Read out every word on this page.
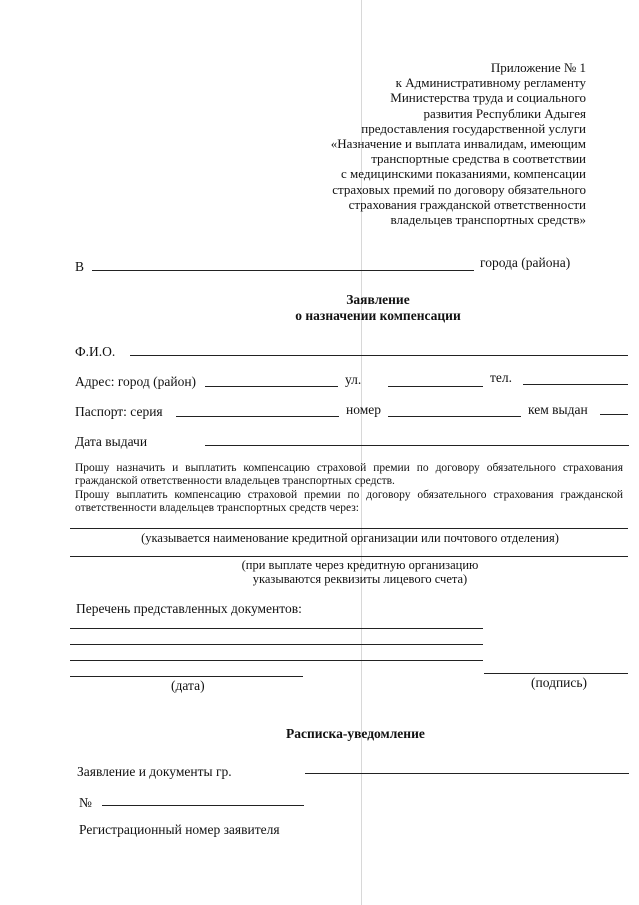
Приложение № 1
к Административному регламенту
Министерства труда и социального
развития Республики Адыгея
предоставления государственной услуги
«Назначение и выплата инвалидам, имеющим
транспортные средства в соответствии
с медицинскими показаниями, компенсации
страховых премий по договору обязательного
страхования гражданской ответственности
владельцев транспортных средств»
В	города (района)
Заявление
о назначении компенсации
Ф.И.О.
Адрес: город (район)	ул.	тел.
Паспорт: серия	номер	кем выдан
Дата выдачи
Прошу назначить и выплатить компенсацию страховой премии по договору обязательного страхования гражданской ответственности владельцев транспортных средств.
Прошу выплатить компенсацию страховой премии по договору обязательного страхования гражданской ответственности владельцев транспортных средств через:
(указывается наименование кредитной организации или почтового отделения)
(при выплате через кредитную организацию
указываются реквизиты лицевого счета)
Перечень представленных документов:
(дата)	(подпись)
Расписка-уведомление
Заявление и документы гр.
№
Регистрационный номер заявителя
